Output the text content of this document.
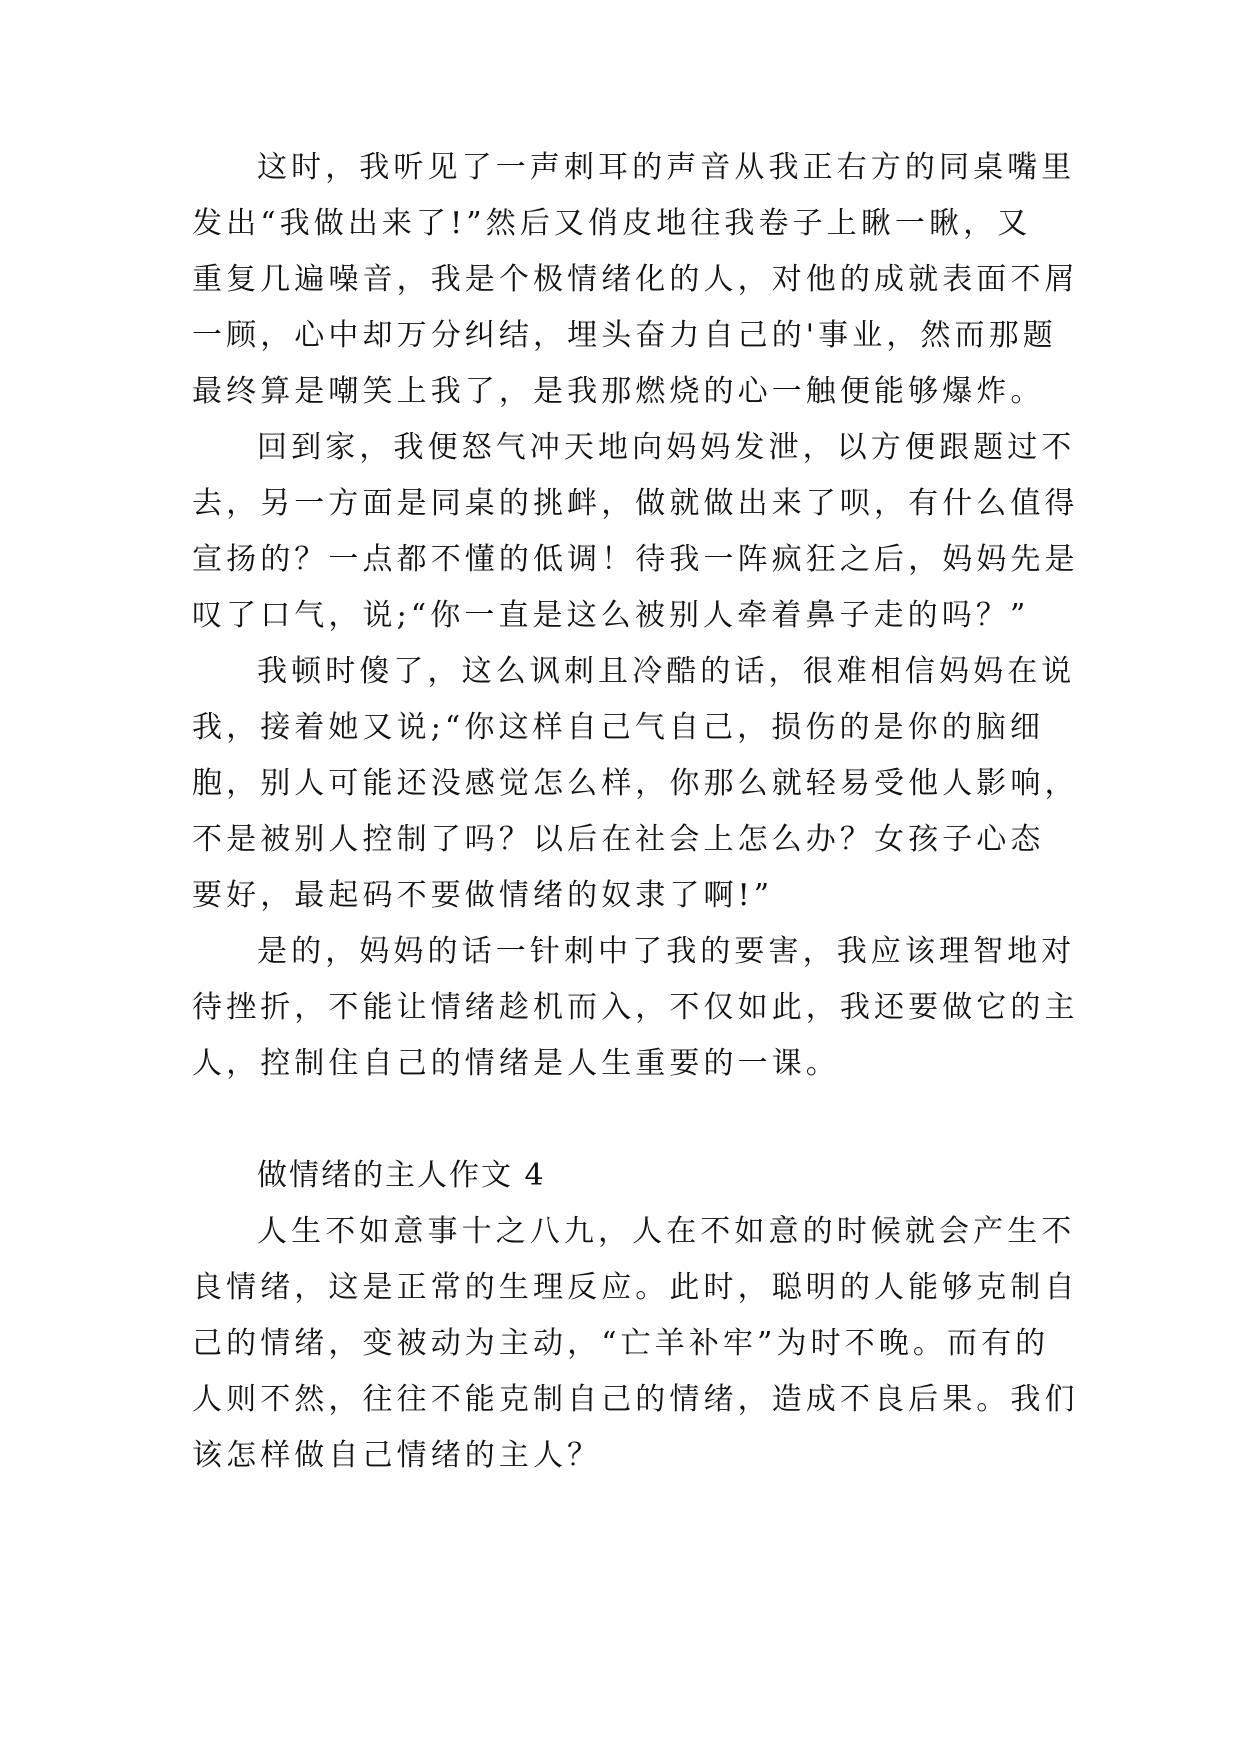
这时，我听见了一声刺耳的声音从我正右方的同桌嘴里
发出“我做出来了!”然后又俏皮地往我卷子上瞅一瞅，又
重复几遍噪音，我是个极情绪化的人，对他的成就表面不屑
一顾，心中却万分纠结，埋头奋力自己的'事业，然而那题
最终算是嘲笑上我了，是我那燃烧的心一触便能够爆炸。
回到家，我便怒气冲天地向妈妈发泄，以方便跟题过不
去，另一方面是同桌的挑衅，做就做出来了呗，有什么值得
宣扬的？一点都不懂的低调！待我一阵疯狂之后，妈妈先是
叹了口气，说;“你一直是这么被别人牵着鼻子走的吗？”
我顿时傻了，这么讽刺且冷酷的话，很难相信妈妈在说
我，接着她又说;“你这样自己气自己，损伤的是你的脑细
胞，别人可能还没感觉怎么样，你那么就轻易受他人影响，
不是被别人控制了吗？以后在社会上怎么办？女孩子心态
要好，最起码不要做情绪的奴隶了啊!”
是的，妈妈的话一针刺中了我的要害，我应该理智地对
待挫折，不能让情绪趁机而入，不仅如此，我还要做它的主
人，控制住自己的情绪是人生重要的一课。
做情绪的主人作文 4
人生不如意事十之八九，人在不如意的时候就会产生不
良情绪，这是正常的生理反应。此时，聪明的人能够克制自
己的情绪，变被动为主动，“亡羊补牢”为时不晚。而有的
人则不然，往往不能克制自己的情绪，造成不良后果。我们
该怎样做自己情绪的主人？
